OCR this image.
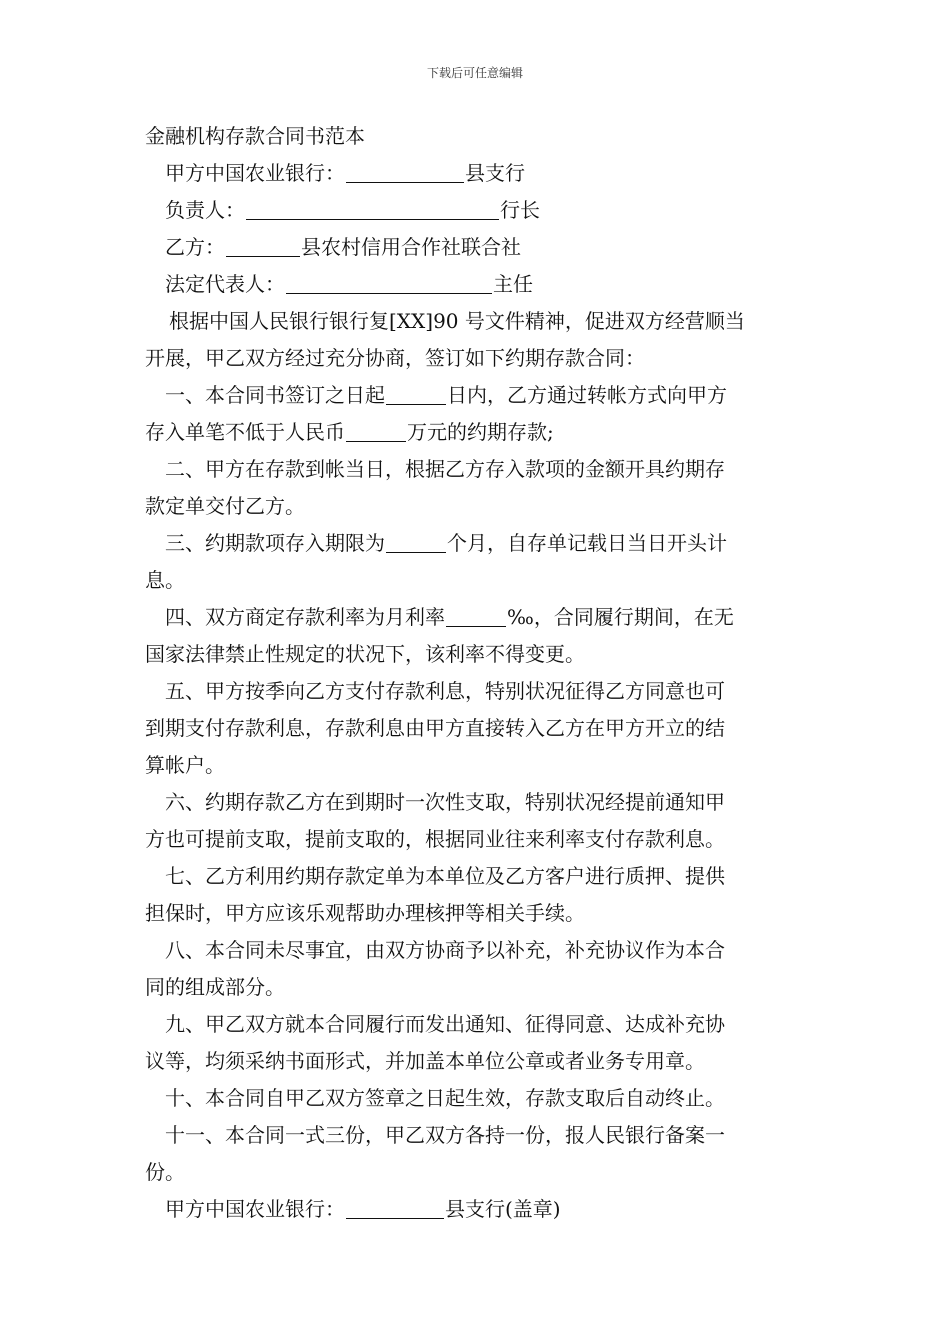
下载后可任意编辑
金融机构存款合同书范本
甲方中国农业银行：	县支行
负责人：	行长
乙方：	县农村信用合作社联合社
法定代表人：	主任
根据中国人民银行银行复[XX]90 号文件精神，促进双方经营顺当
开展，甲乙双方经过充分协商，签订如下约期存款合同：
一、本合同书签订之日起	日内，乙方通过转帐方式向甲方
存入单笔不低于人民币	万元的约期存款;
二、甲方在存款到帐当日，根据乙方存入款项的金额开具约期存
款定单交付乙方。
三、约期款项存入期限为	个月，自存单记载日当日开头计
息。
四、双方商定存款利率为月利率	‰，合同履行期间，在无
国家法律禁止性规定的状况下，该利率不得变更。
五、甲方按季向乙方支付存款利息，特别状况征得乙方同意也可
到期支付存款利息，存款利息由甲方直接转入乙方在甲方开立的结
算帐户。
六、约期存款乙方在到期时一次性支取，特别状况经提前通知甲
方也可提前支取，提前支取的，根据同业往来利率支付存款利息。
七、乙方利用约期存款定单为本单位及乙方客户进行质押、提供
担保时，甲方应该乐观帮助办理核押等相关手续。
八、本合同未尽事宜，由双方协商予以补充，补充协议作为本合
同的组成部分。
九、甲乙双方就本合同履行而发出通知、征得同意、达成补充协
议等，均须采纳书面形式，并加盖本单位公章或者业务专用章。
十、本合同自甲乙双方签章之日起生效，存款支取后自动终止。
十一、本合同一式三份，甲乙双方各持一份，报人民银行备案一
份。
甲方中国农业银行：	县支行(盖章)
